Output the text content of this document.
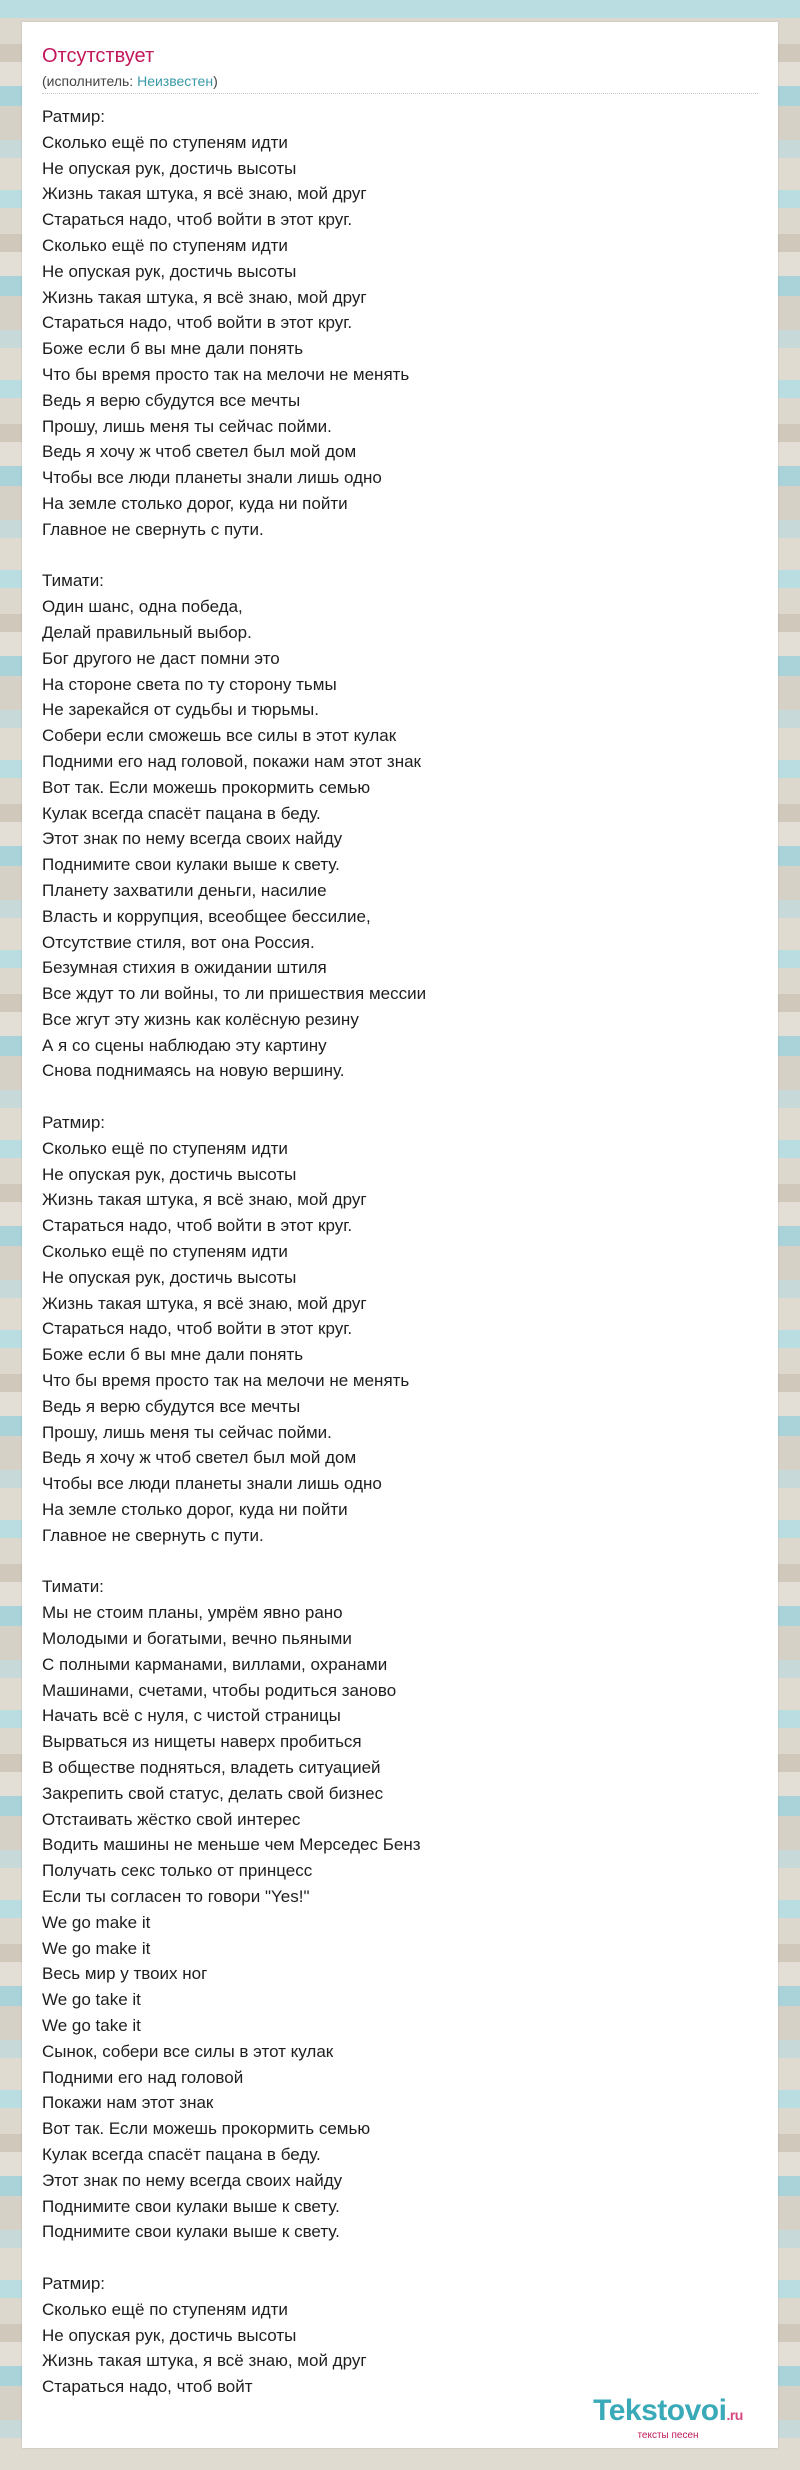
Отсутствует
(исполнитель: Неизвестен)
Ратмир:
Сколько ещё по ступеням идти
Не опуская рук, достичь высоты
Жизнь такая штука, я всё знаю, мой друг
Стараться надо, чтоб войти в этот круг.
Сколько ещё по ступеням идти
Не опуская рук, достичь высоты
Жизнь такая штука, я всё знаю, мой друг
Стараться надо, чтоб войти в этот круг.
Боже если б вы мне дали понять
Что бы время просто так на мелочи не менять
Ведь я верю сбудутся все мечты
Прошу, лишь меня ты сейчас пойми.
Ведь я хочу ж чтоб светел был мой дом
Чтобы все люди планеты знали лишь одно
На земле столько дорог, куда ни пойти
Главное не свернуть с пути.
Тимати:
Один шанс, одна победа,
Делай правильный выбор.
Бог другого не даст помни это
На стороне света по ту сторону тьмы
Не зарекайся от судьбы и тюрьмы.
Собери если сможешь все силы в этот кулак
Подними его над головой, покажи нам этот знак
Вот так. Если можешь прокормить семью
Кулак всегда спасёт пацана в беду.
Этот знак по нему всегда своих найду
Поднимите свои кулаки выше к свету.
Планету захватили деньги, насилие
Власть и коррупция, всеобщее бессилие,
Отсутствие стиля, вот она Россия.
Безумная стихия в ожидании штиля
Все ждут то ли войны, то ли пришествия мессии
Все жгут эту жизнь как колёсную резину
А я со сцены наблюдаю эту картину
Снова поднимаясь на новую вершину.
Ратмир:
Сколько ещё по ступеням идти
Не опуская рук, достичь высоты
Жизнь такая штука, я всё знаю, мой друг
Стараться надо, чтоб войти в этот круг.
Сколько ещё по ступеням идти
Не опуская рук, достичь высоты
Жизнь такая штука, я всё знаю, мой друг
Стараться надо, чтоб войти в этот круг.
Боже если б вы мне дали понять
Что бы время просто так на мелочи не менять
Ведь я верю сбудутся все мечты
Прошу, лишь меня ты сейчас пойми.
Ведь я хочу ж чтоб светел был мой дом
Чтобы все люди планеты знали лишь одно
На земле столько дорог, куда ни пойти
Главное не свернуть с пути.
Тимати:
Мы не стоим планы, умрём явно рано
Молодыми и богатыми, вечно пьяными
С полными карманами, виллами, охранами
Машинами, счетами, чтобы родиться заново
Начать всё с нуля, с чистой страницы
Вырваться из нищеты наверх пробиться
В обществе подняться, владеть ситуацией
Закрепить свой статус, делать свой бизнес
Отстаивать жёстко свой интерес
Водить машины не меньше чем Мерседес Бенз
Получать секс только от принцесс
Если ты согласен то говори "Yes!"
We go make it
We go make it
Весь мир у твоих ног
We go take it
We go take it
Сынок, собери все силы в этот кулак
Подними его над головой
Покажи нам этот знак
Вот так. Если можешь прокормить семью
Кулак всегда спасёт пацана в беду.
Этот знак по нему всегда своих найду
Поднимите свои кулаки выше к свету.
Поднимите свои кулаки выше к свету.
Ратмир:
Сколько ещё по ступеням идти
Не опуская рук, достичь высоты
Жизнь такая штука, я всё знаю, мой друг
Стараться надо, чтоб войт
Tekstovoi.ru
тексты песен
